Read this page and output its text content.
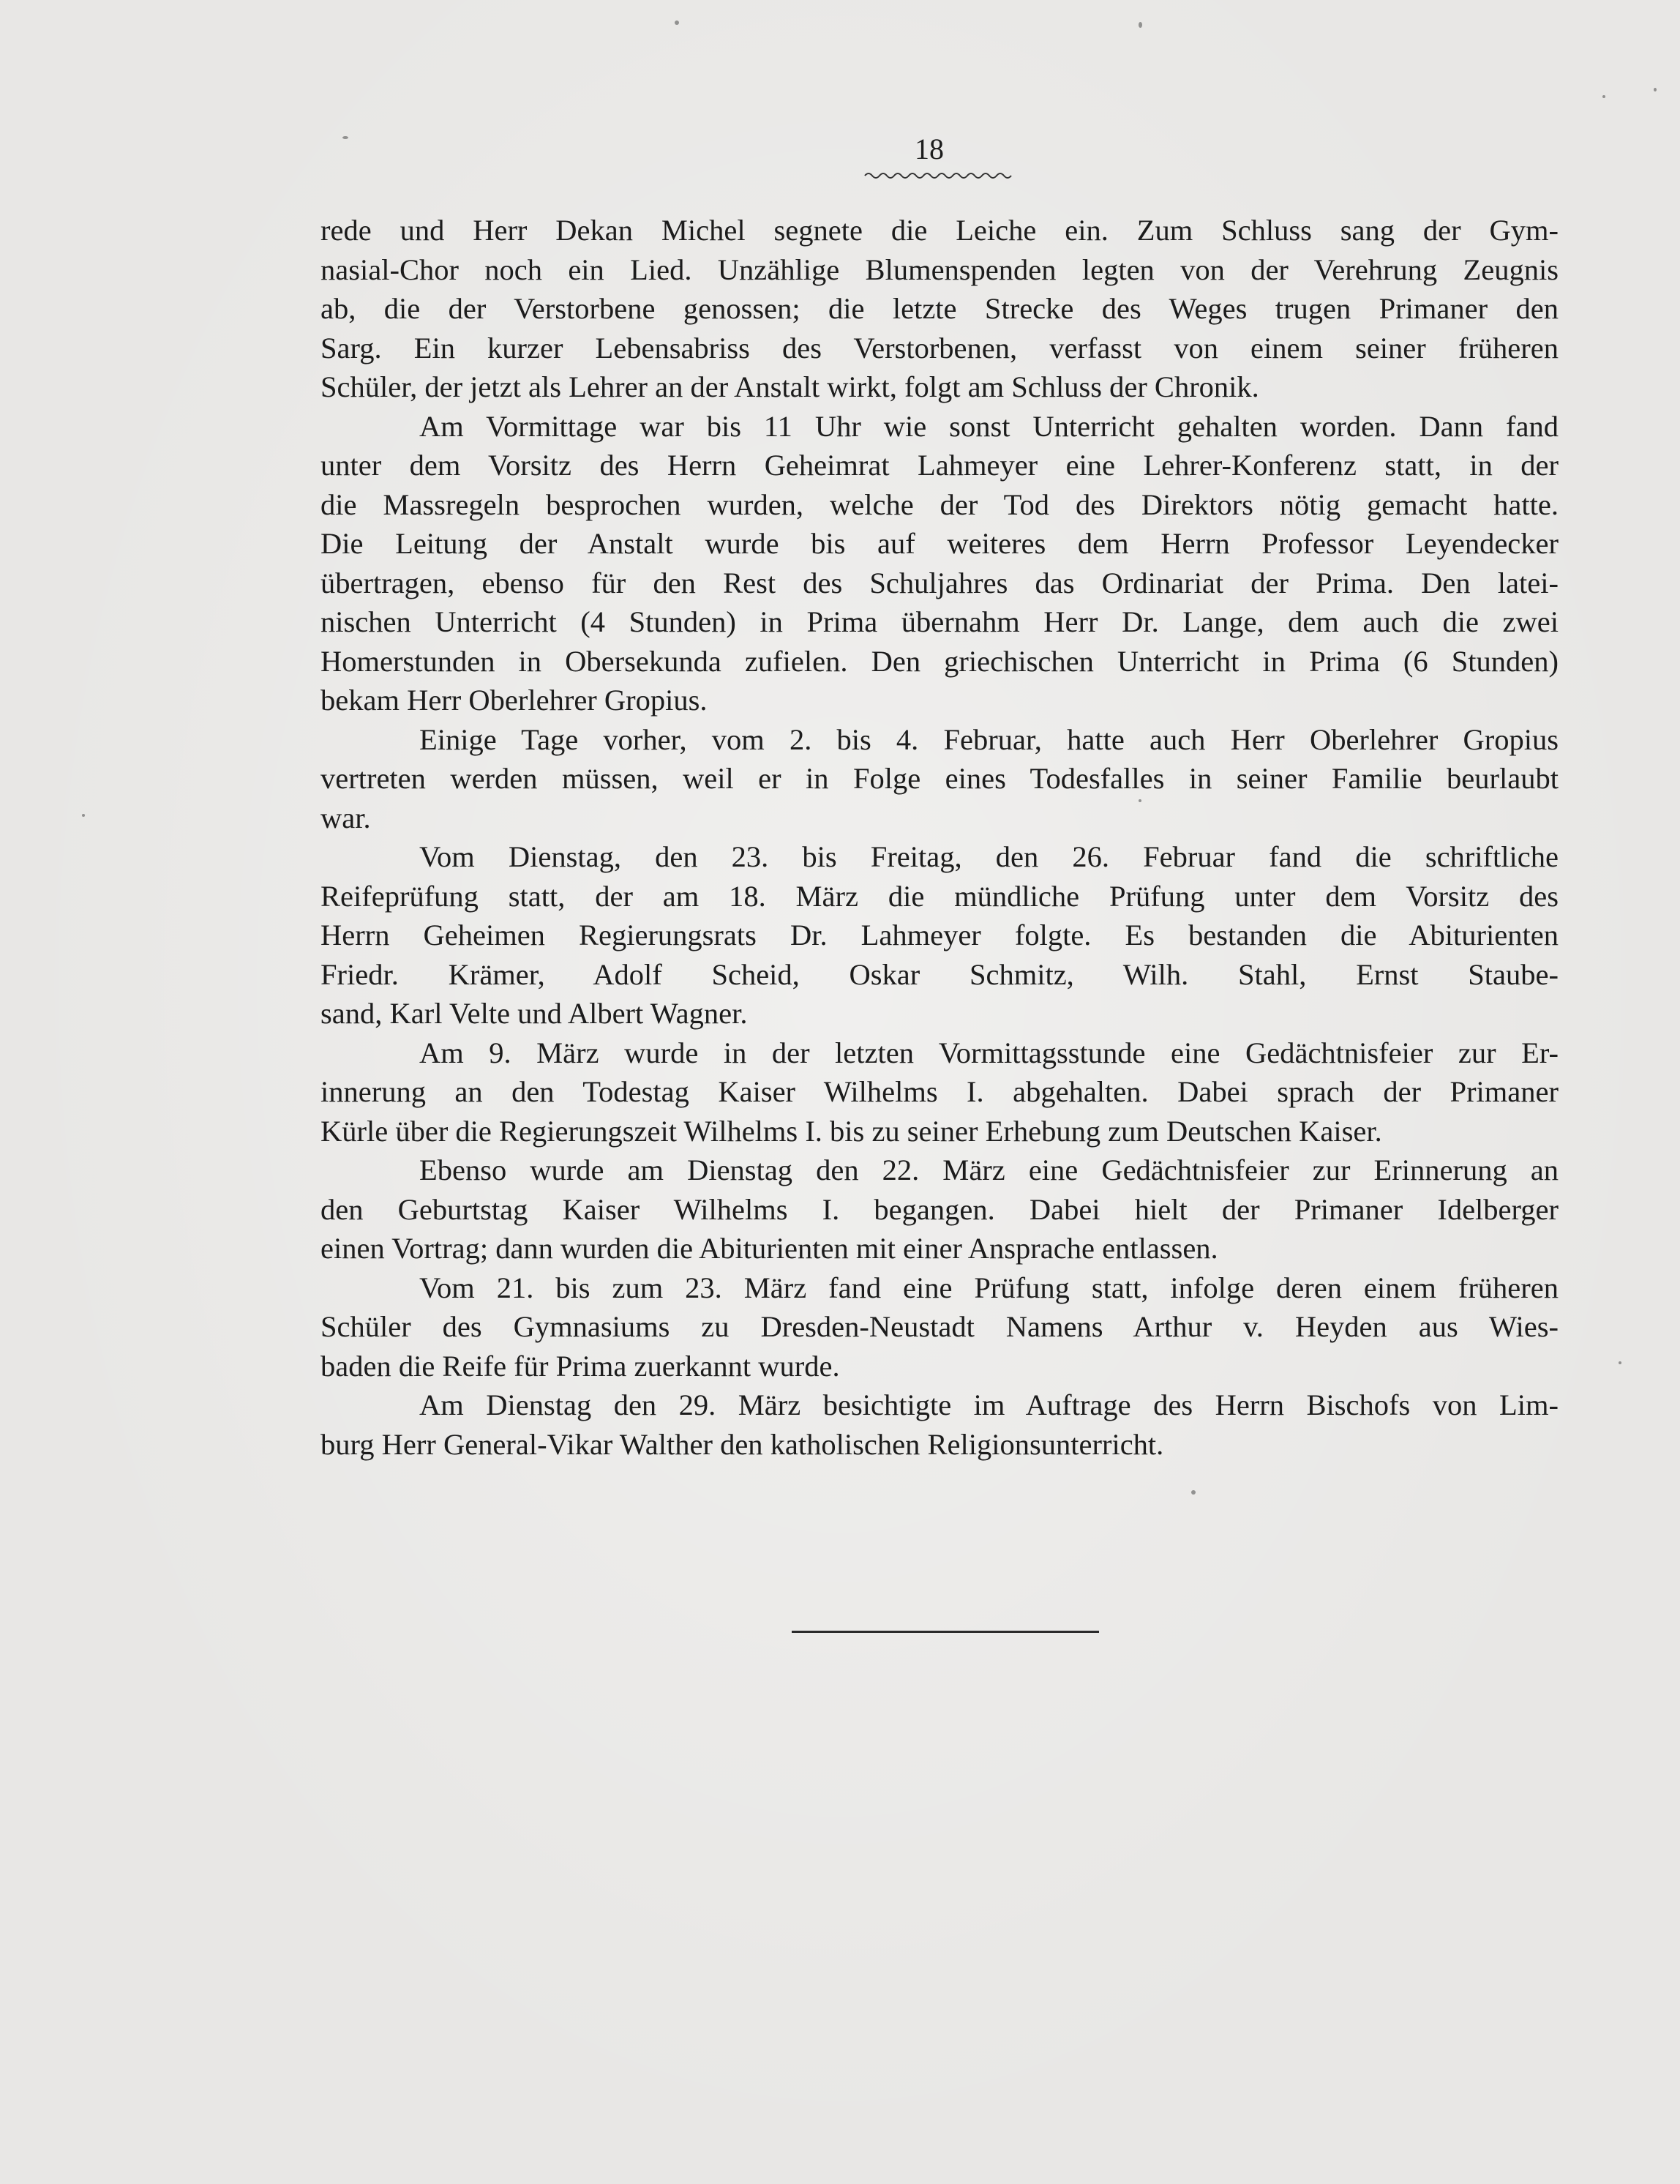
18

rede und Herr Dekan Michel segnete die Leiche ein. Zum Schluss sang der Gym-
nasial-Chor noch ein Lied. Unzählige Blumenspenden legten von der Verehrung Zeugnis
ab, die der Verstorbene genossen; die letzte Strecke des Weges trugen Primaner den
Sarg. Ein kurzer Lebensabriss des Verstorbenen, verfasst von einem seiner früheren
Schüler, der jetzt als Lehrer an der Anstalt wirkt, folgt am Schluss der Chronik.

Am Vormittage war bis 11 Uhr wie sonst Unterricht gehalten worden. Dann fand
unter dem Vorsitz des Herrn Geheimrat Lahmeyer eine Lehrer-Konferenz statt, in der
die Massregeln besprochen wurden, welche der Tod des Direktors nötig gemacht hatte.
Die Leitung der Anstalt wurde bis auf weiteres dem Herrn Professor Leyendecker
übertragen, ebenso für den Rest des Schuljahres das Ordinariat der Prima. Den latei-
nischen Unterricht (4 Stunden) in Prima übernahm Herr Dr. Lange, dem auch die zwei
Homerstunden in Obersekunda zufielen. Den griechischen Unterricht in Prima (6 Stunden)
bekam Herr Oberlehrer Gropius.

Einige Tage vorher, vom 2. bis 4. Februar, hatte auch Herr Oberlehrer Gropius
vertreten werden müssen, weil er in Folge eines Todesfalles in seiner Familie beurlaubt
war.

Vom Dienstag, den 23. bis Freitag, den 26. Februar fand die schriftliche
Reifeprüfung statt, der am 18. März die mündliche Prüfung unter dem Vorsitz des
Herrn Geheimen Regierungsrats Dr. Lahmeyer folgte. Es bestanden die Abiturienten
Friedr. Krämer, Adolf Scheid, Oskar Schmitz, Wilh. Stahl, Ernst Staube-
sand, Karl Velte und Albert Wagner.

Am 9. März wurde in der letzten Vormittagsstunde eine Gedächtnisfeier zur Er-
innerung an den Todestag Kaiser Wilhelms I. abgehalten. Dabei sprach der Primaner
Kürle über die Regierungszeit Wilhelms I. bis zu seiner Erhebung zum Deutschen Kaiser.

Ebenso wurde am Dienstag den 22. März eine Gedächtnisfeier zur Erinnerung an
den Geburtstag Kaiser Wilhelms I. begangen. Dabei hielt der Primaner Idelberger
einen Vortrag; dann wurden die Abiturienten mit einer Ansprache entlassen.

Vom 21. bis zum 23. März fand eine Prüfung statt, infolge deren einem früheren
Schüler des Gymnasiums zu Dresden-Neustadt Namens Arthur v. Heyden aus Wies-
baden die Reife für Prima zuerkannt wurde.

Am Dienstag den 29. März besichtigte im Auftrage des Herrn Bischofs von Lim-
burg Herr General-Vikar Walther den katholischen Religionsunterricht.
